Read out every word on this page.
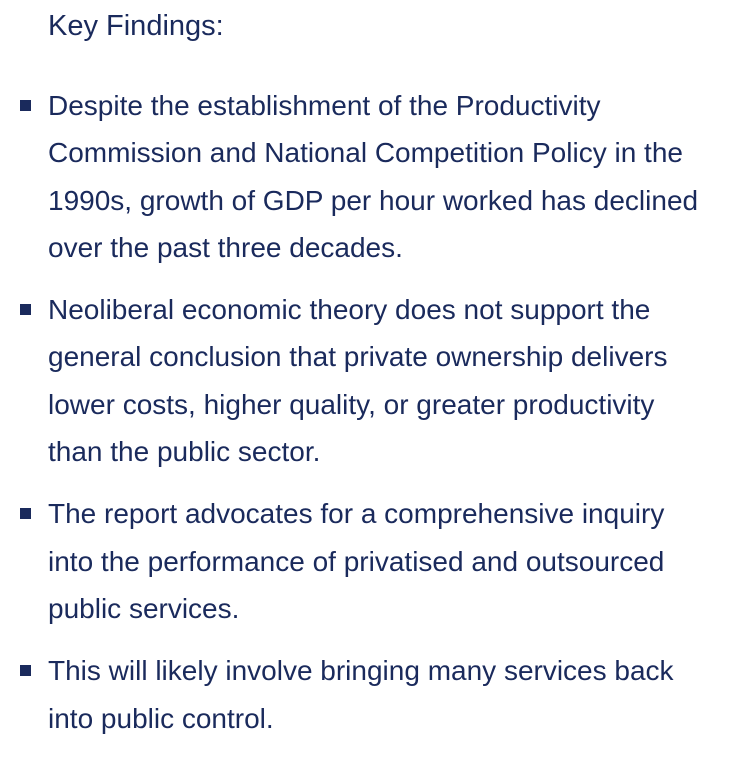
Key Findings:
Despite the establishment of the Productivity Commission and National Competition Policy in the 1990s, growth of GDP per hour worked has declined over the past three decades.
Neoliberal economic theory does not support the general conclusion that private ownership delivers lower costs, higher quality, or greater productivity than the public sector.
The report advocates for a comprehensive inquiry into the performance of privatised and outsourced public services.
This will likely involve bringing many services back into public control.
